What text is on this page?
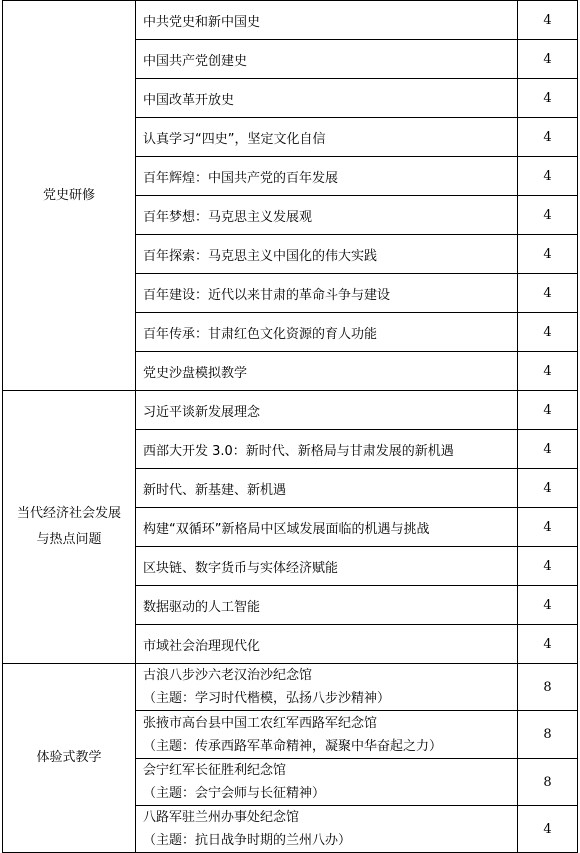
党史研修	中共党史和新中国史	4
	中国共产党创建史	4
	中国改革开放史	4
	认真学习“四史”，坚定文化自信	4
	百年辉煌：中国共产党的百年发展	4
	百年梦想：马克思主义发展观	4
	百年探索：马克思主义中国化的伟大实践	4
	百年建设：近代以来甘肃的革命斗争与建设	4
	百年传承：甘肃红色文化资源的育人功能	4
	党史沙盘模拟教学	4
当代经济社会发展 与热点问题	习近平谈新发展理念	4
	西部大开发 3.0：新时代、新格局与甘肃发展的新机遇	4
	新时代、新基建、新机遇	4
	构建“双循环”新格局中区域发展面临的机遇与挑战	4
	区块链、数字货币与实体经济赋能	4
	数据驱动的人工智能	4
	市域社会治理现代化	4
体验式教学	古浪八步沙六老汉治沙纪念馆
（主题：学习时代楷模，弘扬八步沙精神）	8

	张掖市高台县中国工农红军西路军纪念馆
（主题：传承西路军革命精神，凝聚中华奋起之力）	8

	会宁红军长征胜利纪念馆
（主题：会宁会师与长征精神）	8

	八路军驻兰州办事处纪念馆
（主题：抗日战争时期的兰州八办）	4
